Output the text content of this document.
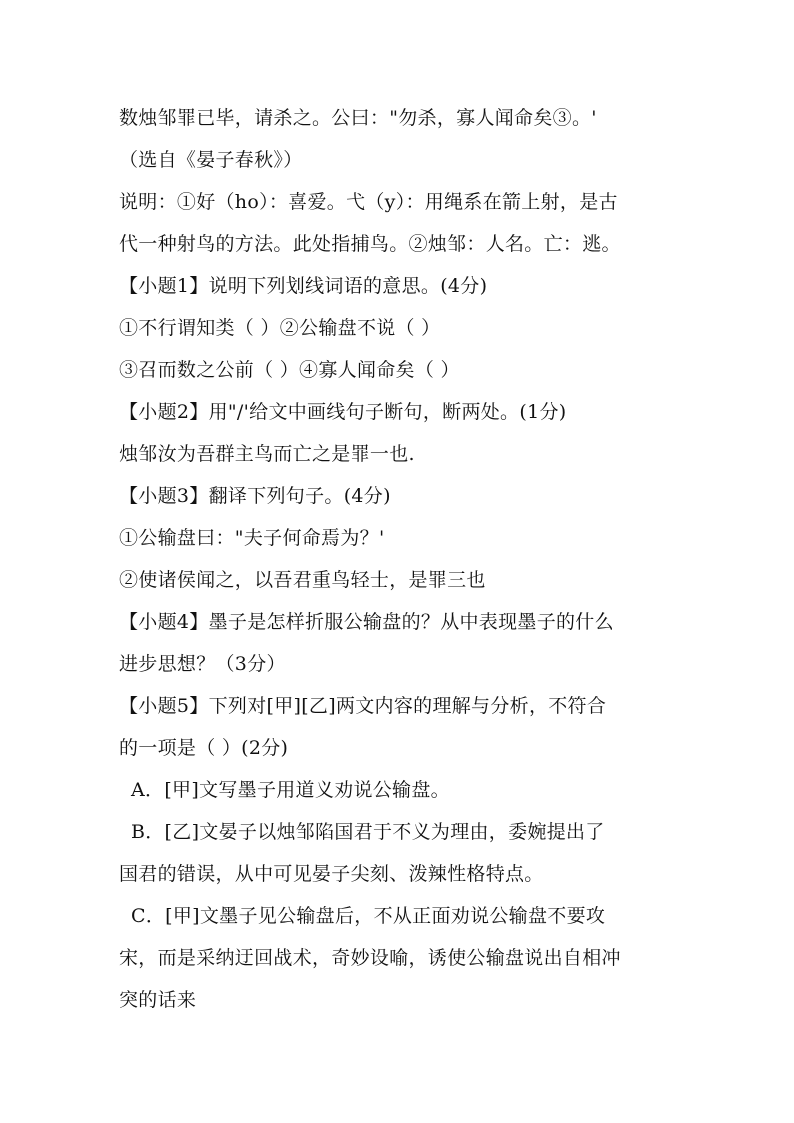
数烛邹罪已毕，请杀之。公曰："勿杀，寡人闻命矣③。'
（选自《晏子春秋》）
说明：①好（ho）：喜爱。弋（y）：用绳系在箭上射，是古
代一种射鸟的方法。此处指捕鸟。②烛邹：人名。亡：逃。
【小题1】说明下列划线词语的意思。(4分)
①不行谓知类（ ）②公输盘不说（ ）
③召而数之公前（ ）④寡人闻命矣（ ）
【小题2】用"/'给文中画线句子断句，断两处。(1分)
烛邹汝为吾群主鸟而亡之是罪一也.
【小题3】翻译下列句子。(4分)
①公输盘曰："夫子何命焉为？'
②使诸侯闻之，以吾君重鸟轻士，是罪三也
【小题4】墨子是怎样折服公输盘的？从中表现墨子的什么
进步思想？（3分）
【小题5】下列对[甲][乙]两文内容的理解与分析，不符合
的一项是（ ）(2分)
A．[甲]文写墨子用道义劝说公输盘。
B．[乙]文晏子以烛邹陷国君于不义为理由，委婉提出了
国君的错误，从中可见晏子尖刻、泼辣性格特点。
C．[甲]文墨子见公输盘后，不从正面劝说公输盘不要攻
宋，而是采纳迂回战术，奇妙设喻，诱使公输盘说出自相冲
突的话来
